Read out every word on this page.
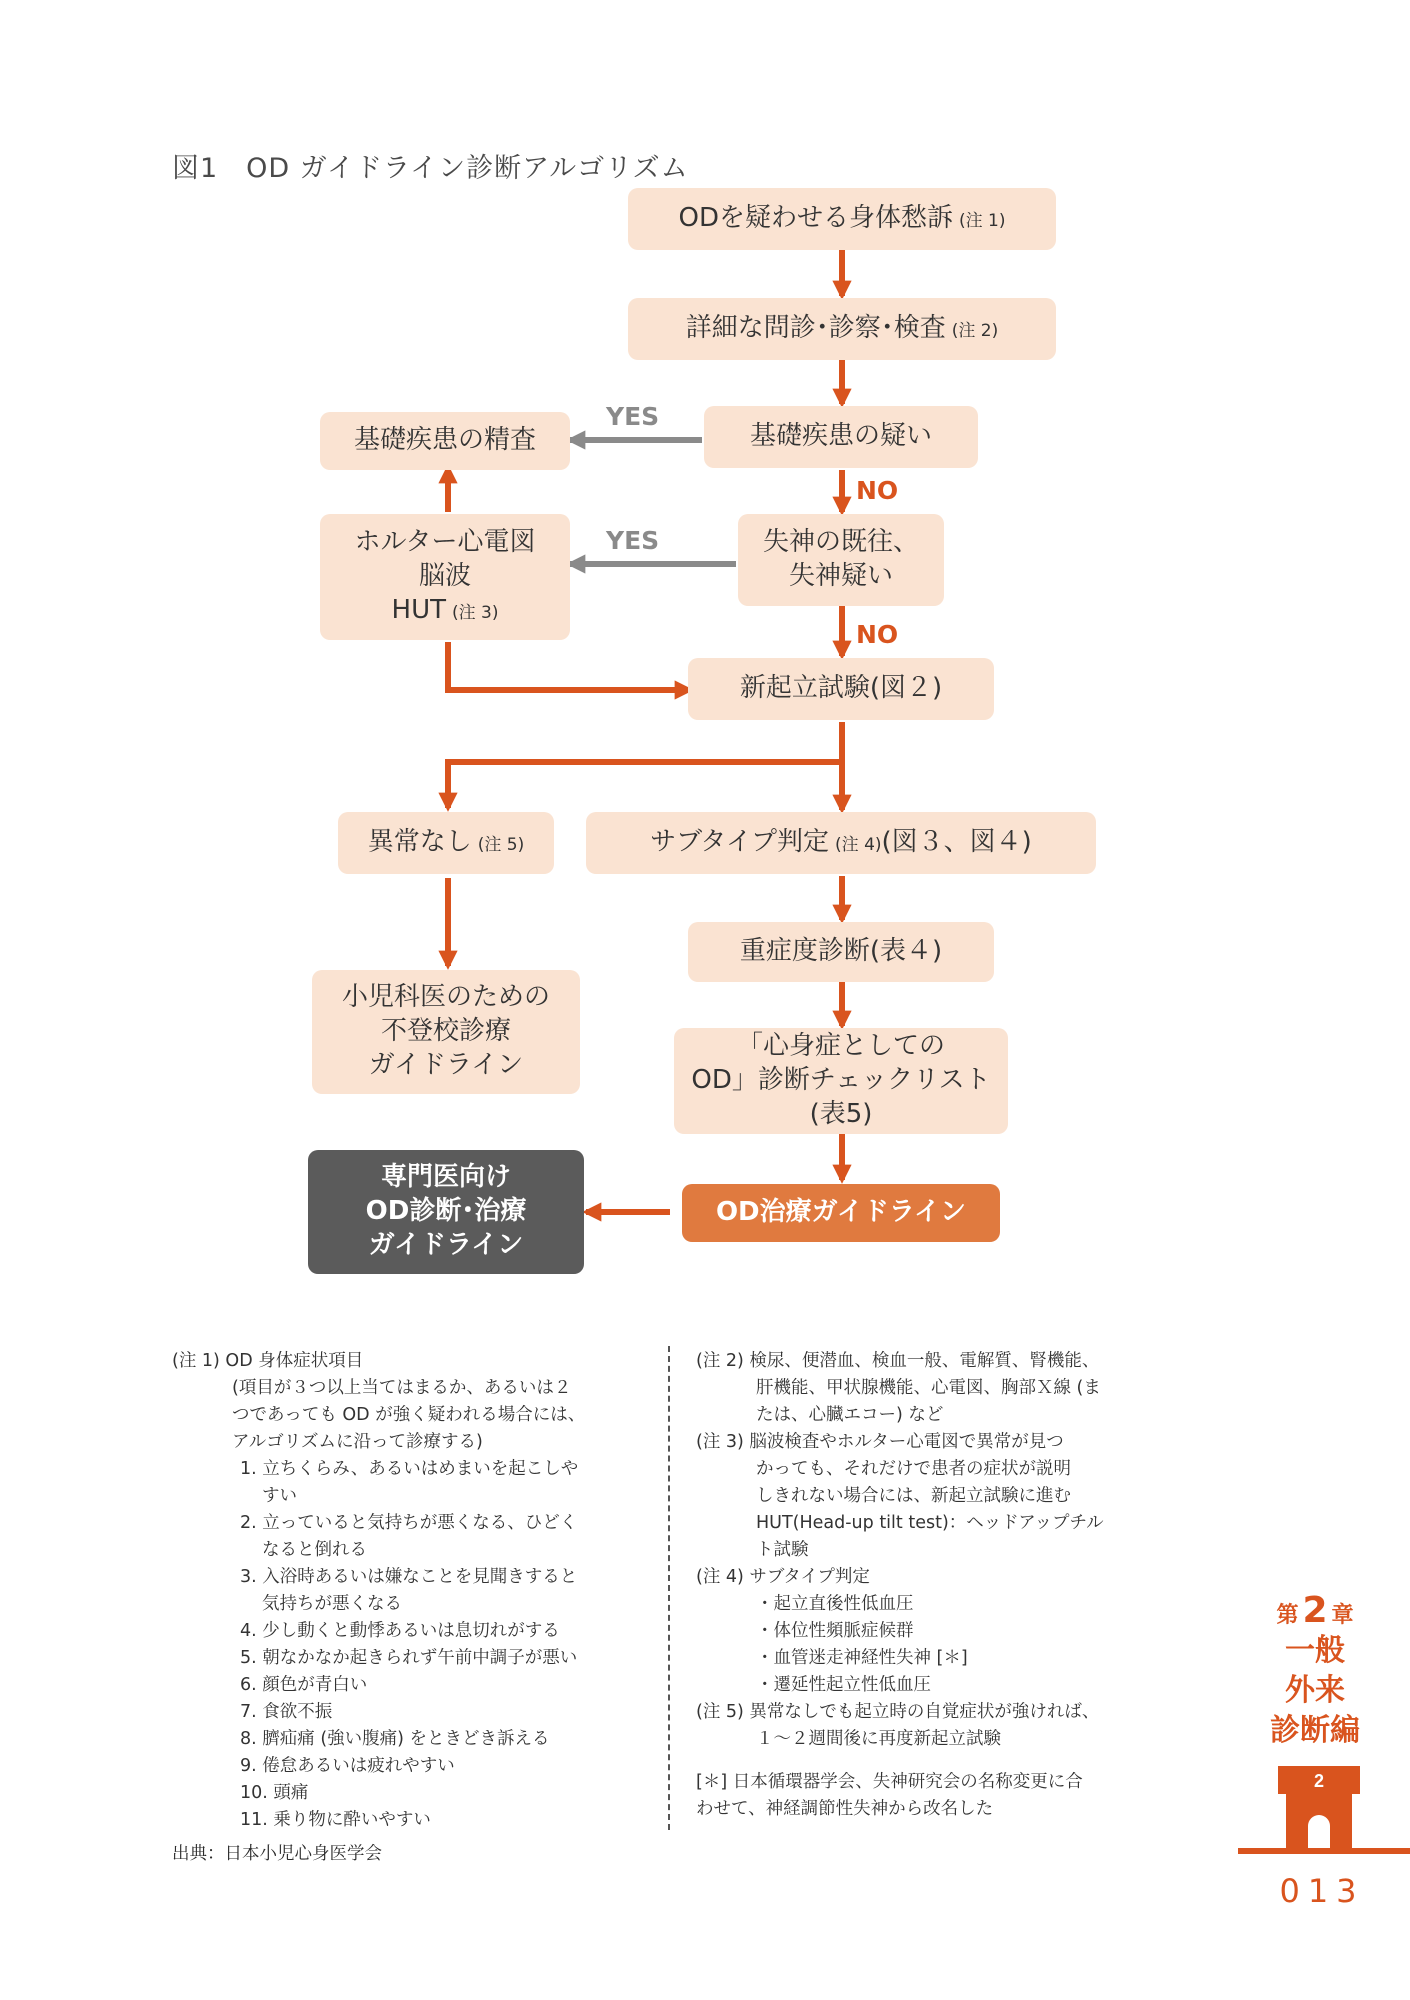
図1　OD ガイドライン診断アルゴリズム
ODを疑わせる身体愁訴 (注 1)
詳細な問診･診察･検査 (注 2)
基礎疾患の疑い
基礎疾患の精査
失神の既往、
失神疑い
ホルター心電図
脳波
HUT (注 3)
新起立試験(図２)
異常なし (注 5)	サブタイプ判定 (注 4)(図３、図４)
重症度診断(表４)
小児科医のための
不登校診療
ガイドライン
「心身症としての
OD」診断チェックリスト
(表5)
OD治療ガイドライン
専門医向け
OD診断･治療
ガイドライン
YES
YES
NO
NO
(注 1) OD 身体症状項目
(項目が３つ以上当てはまるか、あるいは２
つであっても OD が強く疑われる場合には、
アルゴリズムに沿って診療する)
1. 立ちくらみ、あるいはめまいを起こしや
すい
2. 立っていると気持ちが悪くなる、ひどく
なると倒れる
3. 入浴時あるいは嫌なことを見聞きすると
気持ちが悪くなる
4. 少し動くと動悸あるいは息切れがする
5. 朝なかなか起きられず午前中調子が悪い
6. 顔色が青白い
7. 食欲不振
8. 臍疝痛 (強い腹痛) をときどき訴える
9. 倦怠あるいは疲れやすい
10. 頭痛
11. 乗り物に酔いやすい
(注 2) 検尿、便潜血、検血一般、電解質、腎機能、
肝機能、甲状腺機能、心電図、胸部Ｘ線 (ま
たは、心臓エコー) など
(注 3) 脳波検査やホルター心電図で異常が見つ
かっても、それだけで患者の症状が説明
しきれない場合には、新起立試験に進む
HUT(Head-up tilt test)：ヘッドアップチル
ト試験
(注 4) サブタイプ判定
・起立直後性低血圧
・体位性頻脈症候群
・血管迷走神経性失神 [＊]
・遷延性起立性低血圧
(注 5) 異常なしでも起立時の自覚症状が強ければ、
１～２週間後に再度新起立試験
[＊] 日本循環器学会、失神研究会の名称変更に合
わせて、神経調節性失神から改名した
出典：日本小児心身医学会
第 2 章
一般
外来
診断編
2
013
